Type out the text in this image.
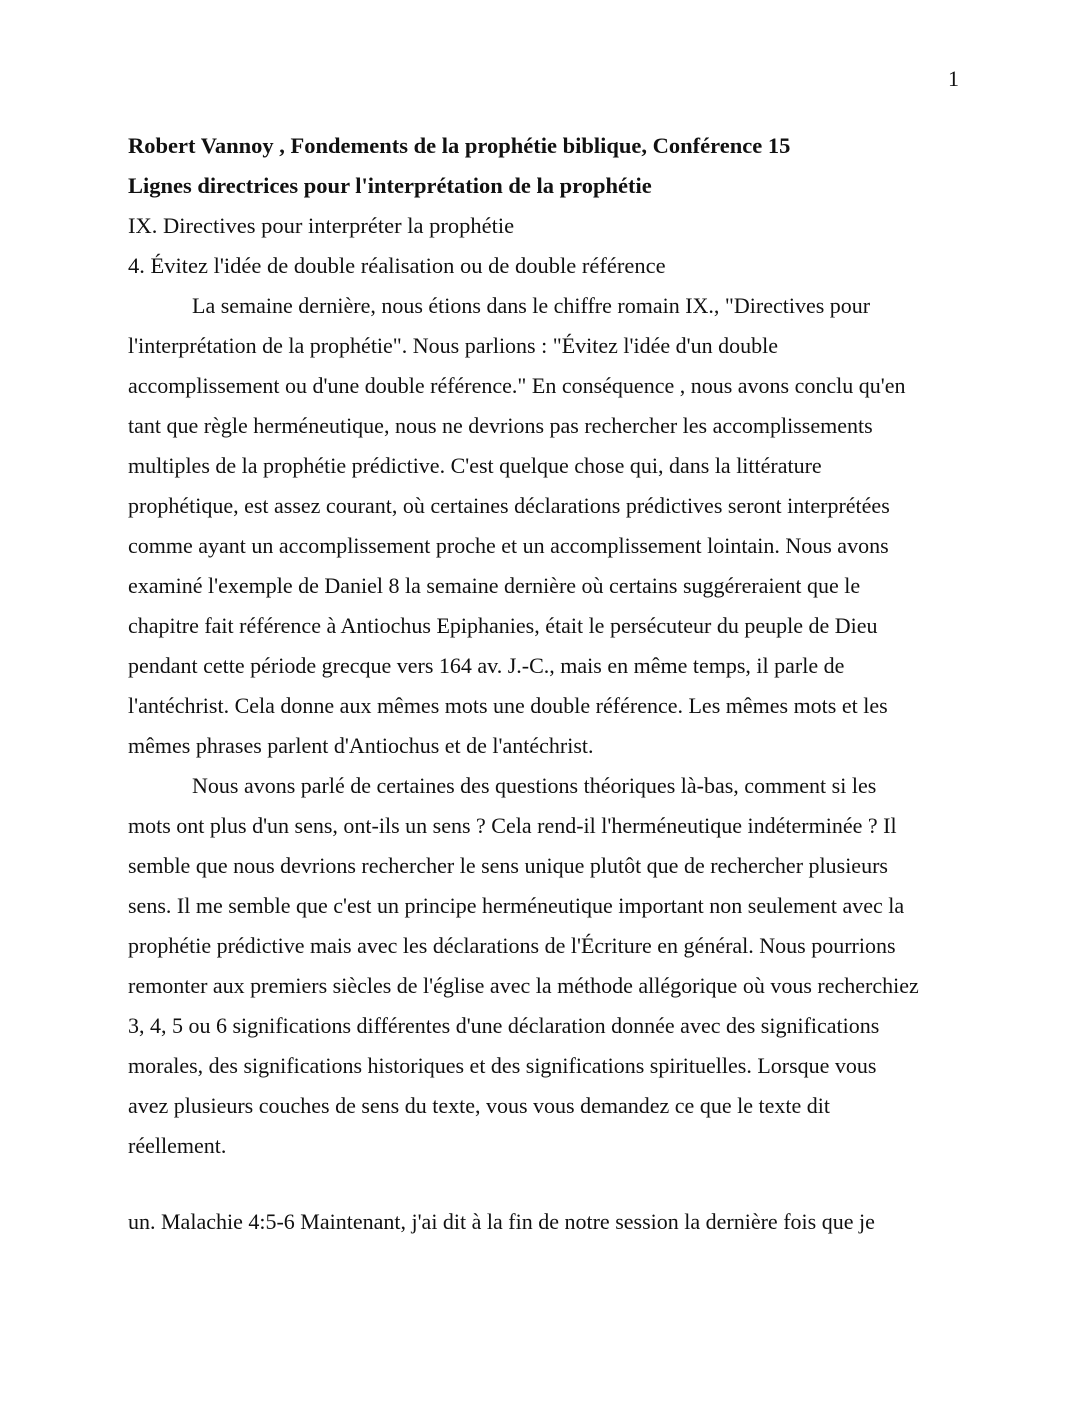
1
Robert Vannoy , Fondements de la prophétie biblique, Conférence 15
Lignes directrices pour l'interprétation de la prophétie
IX. Directives pour interpréter la prophétie
4. Évitez l'idée de double réalisation ou de double référence
La semaine dernière, nous étions dans le chiffre romain IX., "Directives pour
l'interprétation de la prophétie". Nous parlions : "Évitez l'idée d'un double
accomplissement ou d'une double référence." En conséquence , nous avons conclu qu'en
tant que règle herméneutique, nous ne devrions pas rechercher les accomplissements
multiples de la prophétie prédictive. C'est quelque chose qui, dans la littérature
prophétique, est assez courant, où certaines déclarations prédictives seront interprétées
comme ayant un accomplissement proche et un accomplissement lointain. Nous avons
examiné l'exemple de Daniel 8 la semaine dernière où certains suggéreraient que le
chapitre fait référence à Antiochus Epiphanies, était le persécuteur du peuple de Dieu
pendant cette période grecque vers 164 av. J.-C., mais en même temps, il parle de
l'antéchrist. Cela donne aux mêmes mots une double référence. Les mêmes mots et les
mêmes phrases parlent d'Antiochus et de l'antéchrist.
Nous avons parlé de certaines des questions théoriques là-bas, comment si les
mots ont plus d'un sens, ont-ils un sens ? Cela rend-il l'herméneutique indéterminée ? Il
semble que nous devrions rechercher le sens unique plutôt que de rechercher plusieurs
sens. Il me semble que c'est un principe herméneutique important non seulement avec la
prophétie prédictive mais avec les déclarations de l'Écriture en général. Nous pourrions
remonter aux premiers siècles de l'église avec la méthode allégorique où vous recherchiez
3, 4, 5 ou 6 significations différentes d'une déclaration donnée avec des significations
morales, des significations historiques et des significations spirituelles. Lorsque vous
avez plusieurs couches de sens du texte, vous vous demandez ce que le texte dit
réellement.
un. Malachie 4:5-6 Maintenant, j'ai dit à la fin de notre session la dernière fois que je
